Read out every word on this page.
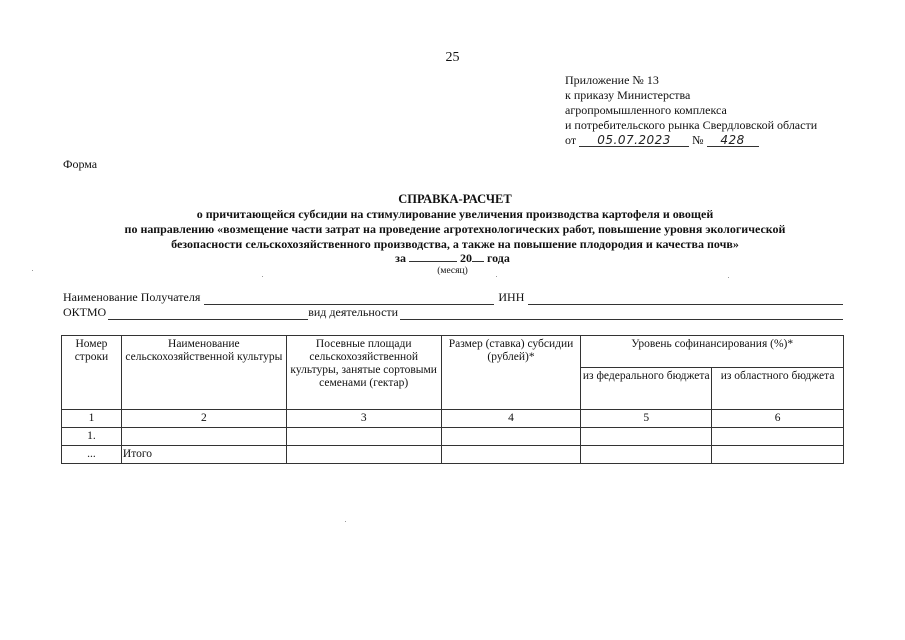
25
Приложение № 13
к приказу Министерства
агропромышленного комплекса
и потребительского рынка Свердловской области
от 05.07.2023 № 428
Форма
СПРАВКА-РАСЧЕТ
о причитающейся субсидии на стимулирование увеличения производства картофеля и овощей
по направлению «возмещение части затрат на проведение агротехнологических работ, повышение уровня экологической
безопасности сельскохозяйственного производства, а также на повышение плодородия и качества почв»
за	20 года
(месяц)
Наименование Получателя	ИНН
ОКТМО	вид деятельности
Номер строки	Наименование сельскохозяйственной культуры	Посевные площади сельскохозяйственной культуры, занятые сортовыми семенами (гектар)	Размер (ставка) субсидии (рублей)*	Уровень софинансирования (%)*	
				из федерального бюджета	из областного бюджета
1	2	3	4	5	6
1.					
...	Итого				
